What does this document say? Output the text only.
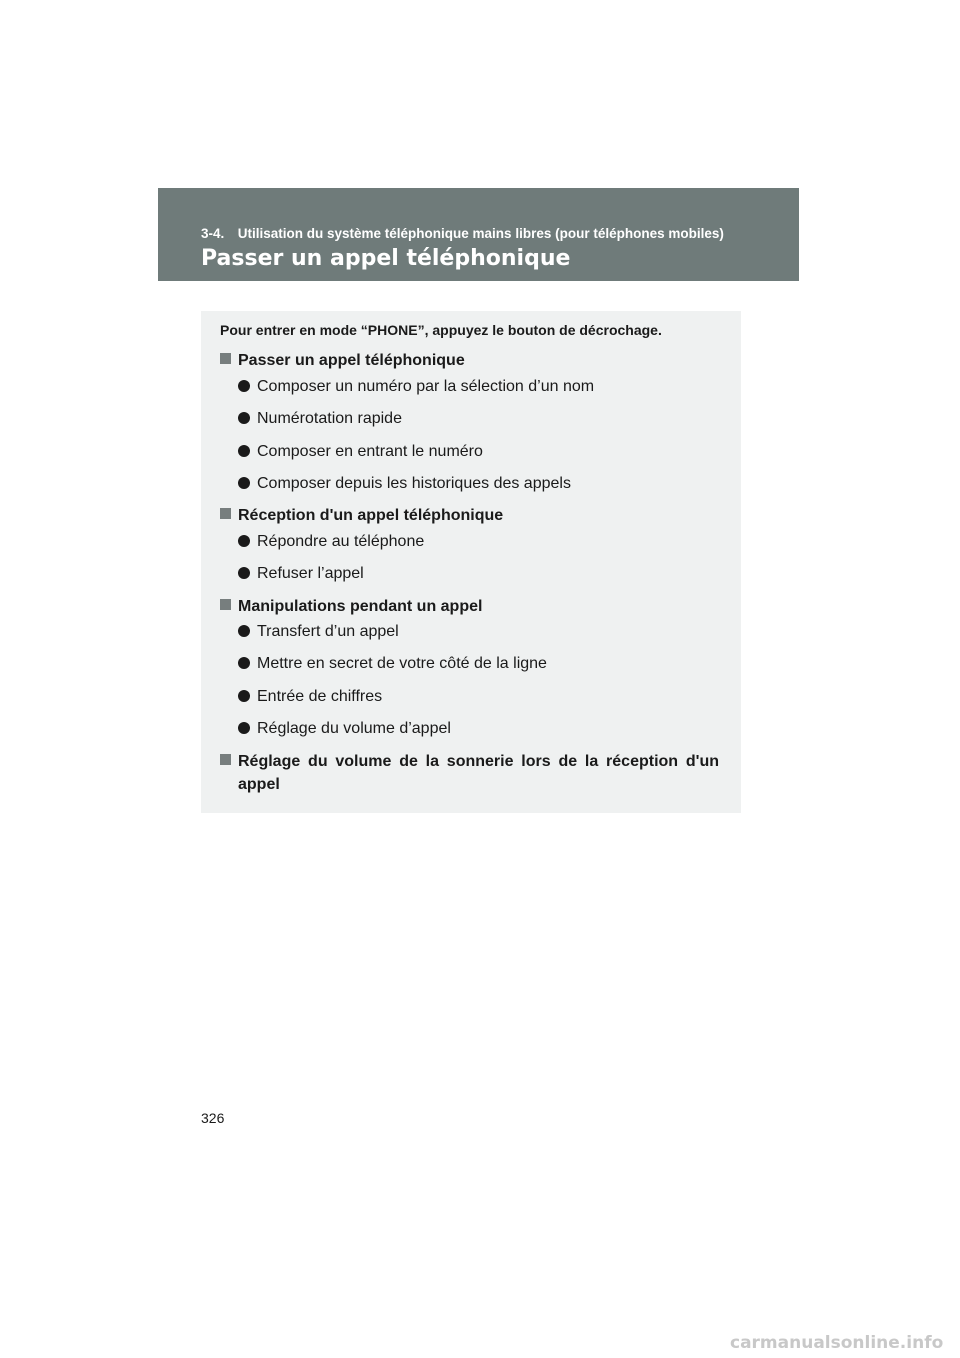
3-4. Utilisation du système téléphonique mains libres (pour téléphones mobiles)
Passer un appel téléphonique
Pour entrer en mode “PHONE”, appuyez le bouton de décrochage.
Passer un appel téléphonique
Composer un numéro par la sélection d’un nom
Numérotation rapide
Composer en entrant le numéro
Composer depuis les historiques des appels
Réception d'un appel téléphonique
Répondre au téléphone
Refuser l’appel
Manipulations pendant un appel
Transfert d’un appel
Mettre en secret de votre côté de la ligne
Entrée de chiffres
Réglage du volume d’appel
Réglage du volume de la sonnerie lors de la réception d'un appel
326
carmanualsonline.info
